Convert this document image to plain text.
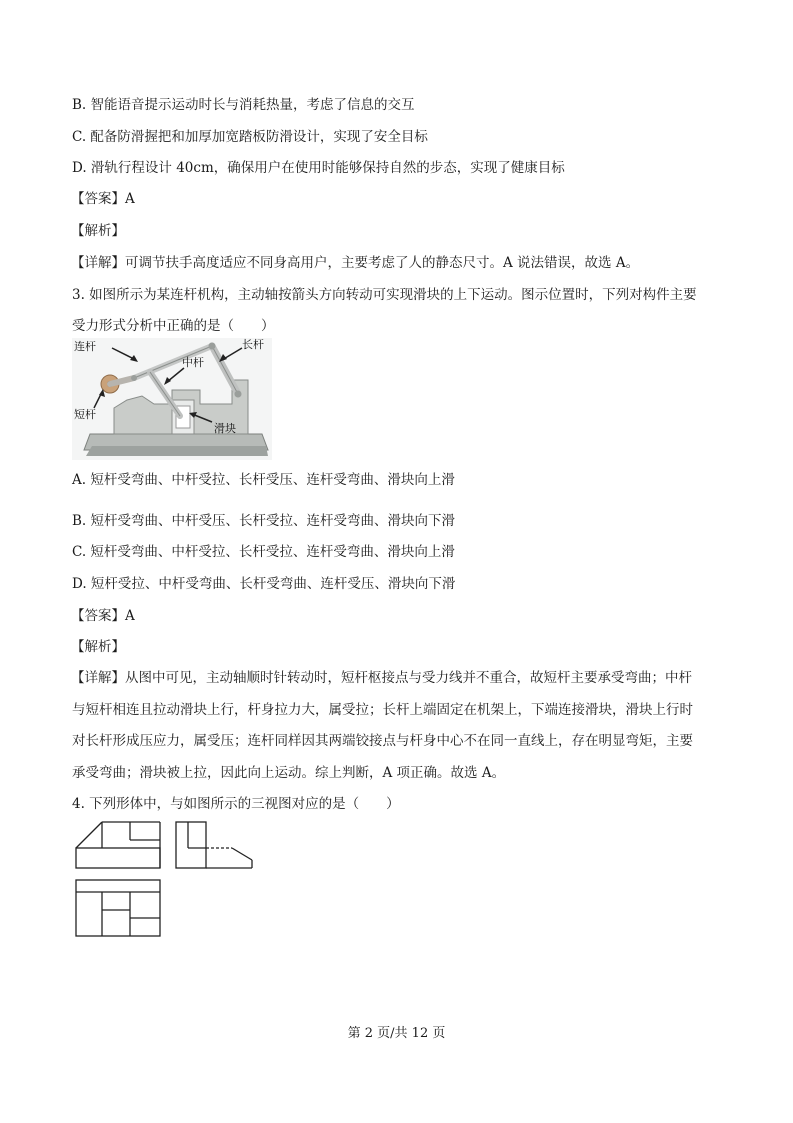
B. 智能语音提示运动时长与消耗热量，考虑了信息的交互
C. 配备防滑握把和加厚加宽踏板防滑设计，实现了安全目标
D. 滑轨行程设计 40cm，确保用户在使用时能够保持自然的步态，实现了健康目标
【答案】A
【解析】
【详解】可调节扶手高度适应不同身高用户，主要考虑了人的静态尺寸。A 说法错误，故选 A。
3. 如图所示为某连杆机构，主动轴按箭头方向转动可实现滑块的上下运动。图示位置时，下列对构件主要
受力形式分析中正确的是（　　）
连杆	长杆
中杆
短杆
滑块
A. 短杆受弯曲、中杆受拉、长杆受压、连杆受弯曲、滑块向上滑
B. 短杆受弯曲、中杆受压、长杆受拉、连杆受弯曲、滑块向下滑
C. 短杆受弯曲、中杆受拉、长杆受拉、连杆受弯曲、滑块向上滑
D. 短杆受拉、中杆受弯曲、长杆受弯曲、连杆受压、滑块向下滑
【答案】A
【解析】
【详解】从图中可见，主动轴顺时针转动时，短杆枢接点与受力线并不重合，故短杆主要承受弯曲；中杆
与短杆相连且拉动滑块上行，杆身拉力大，属受拉；长杆上端固定在机架上，下端连接滑块，滑块上行时
对长杆形成压应力，属受压；连杆同样因其两端铰接点与杆身中心不在同一直线上，存在明显弯矩，主要
承受弯曲；滑块被上拉，因此向上运动。综上判断，A 项正确。故选 A。
4. 下列形体中，与如图所示的三视图对应的是（　　）
第 2 页/共 12 页
